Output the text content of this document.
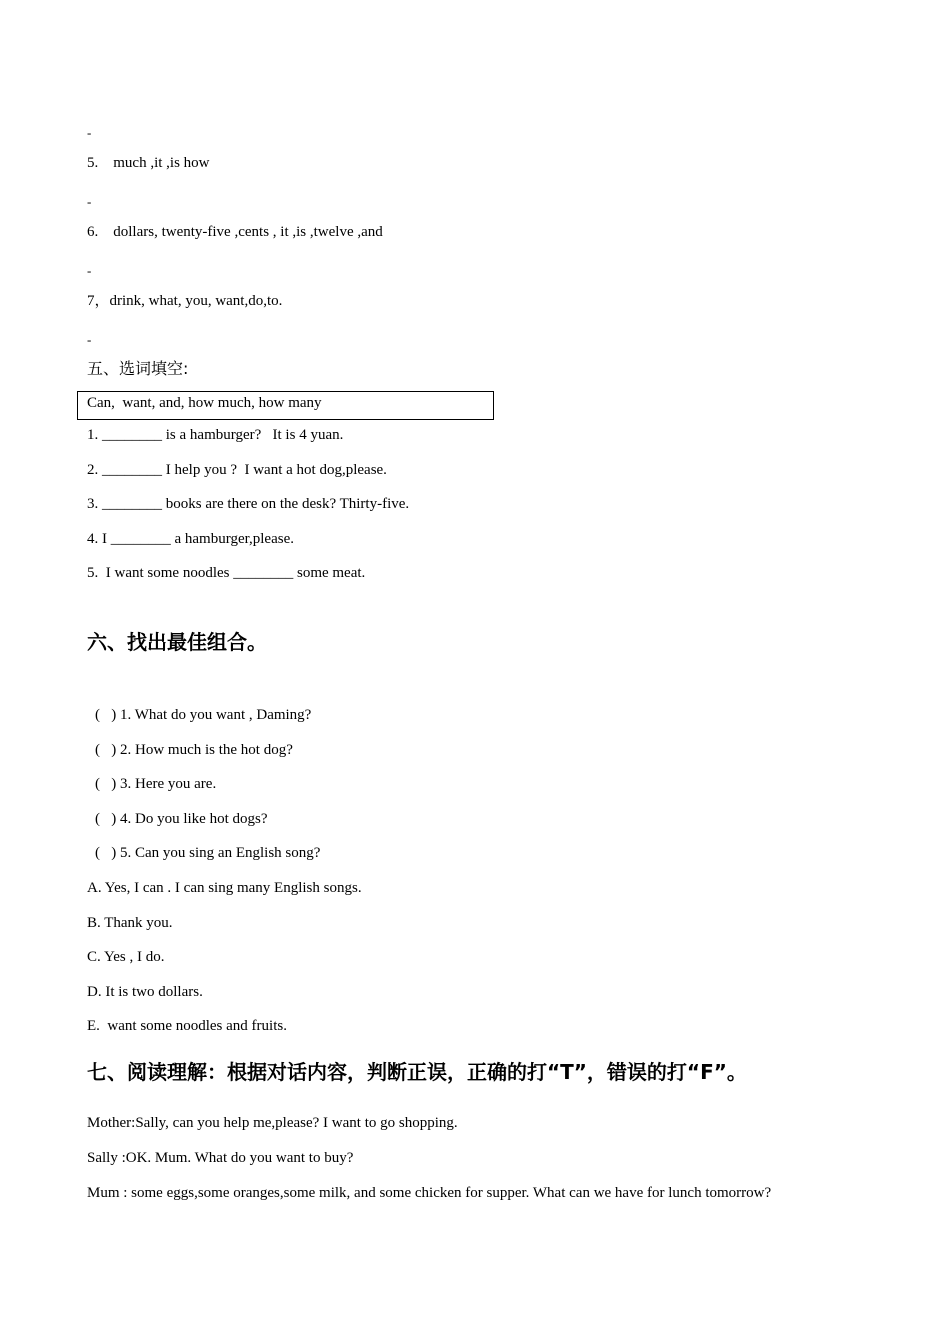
-
5.    much ,it ,is how
-
6.    dollars, twenty-five ,cents , it ,is ,twelve ,and
-
7，drink, what, you, want,do,to.
-
五、选词填空:
Can,  want, and, how much, how many
1. ________ is a hamburger?   It is 4 yuan.
2. ________ I help you ?  I want a hot dog,please.
3. ________ books are there on the desk? Thirty-five.
4. I ________ a hamburger,please.
5.  I want some noodles ________ some meat.
六、找出最佳组合。
(   ) 1. What do you want , Daming?
(   ) 2. How much is the hot dog?
(   ) 3. Here you are.
(   ) 4. Do you like hot dogs?
(   ) 5. Can you sing an English song?
A. Yes, I can . I can sing many English songs.
B. Thank you.
C. Yes , I do.
D. It is two dollars.
E.  want some noodles and fruits.
七、阅读理解：根据对话内容，判断正误，正确的打“T”，错误的打“F”。
Mother:Sally, can you help me,please? I want to go shopping.
Sally :OK. Mum. What do you want to buy?
Mum : some eggs,some oranges,some milk, and some chicken for supper. What can we have for lunch tomorrow?
